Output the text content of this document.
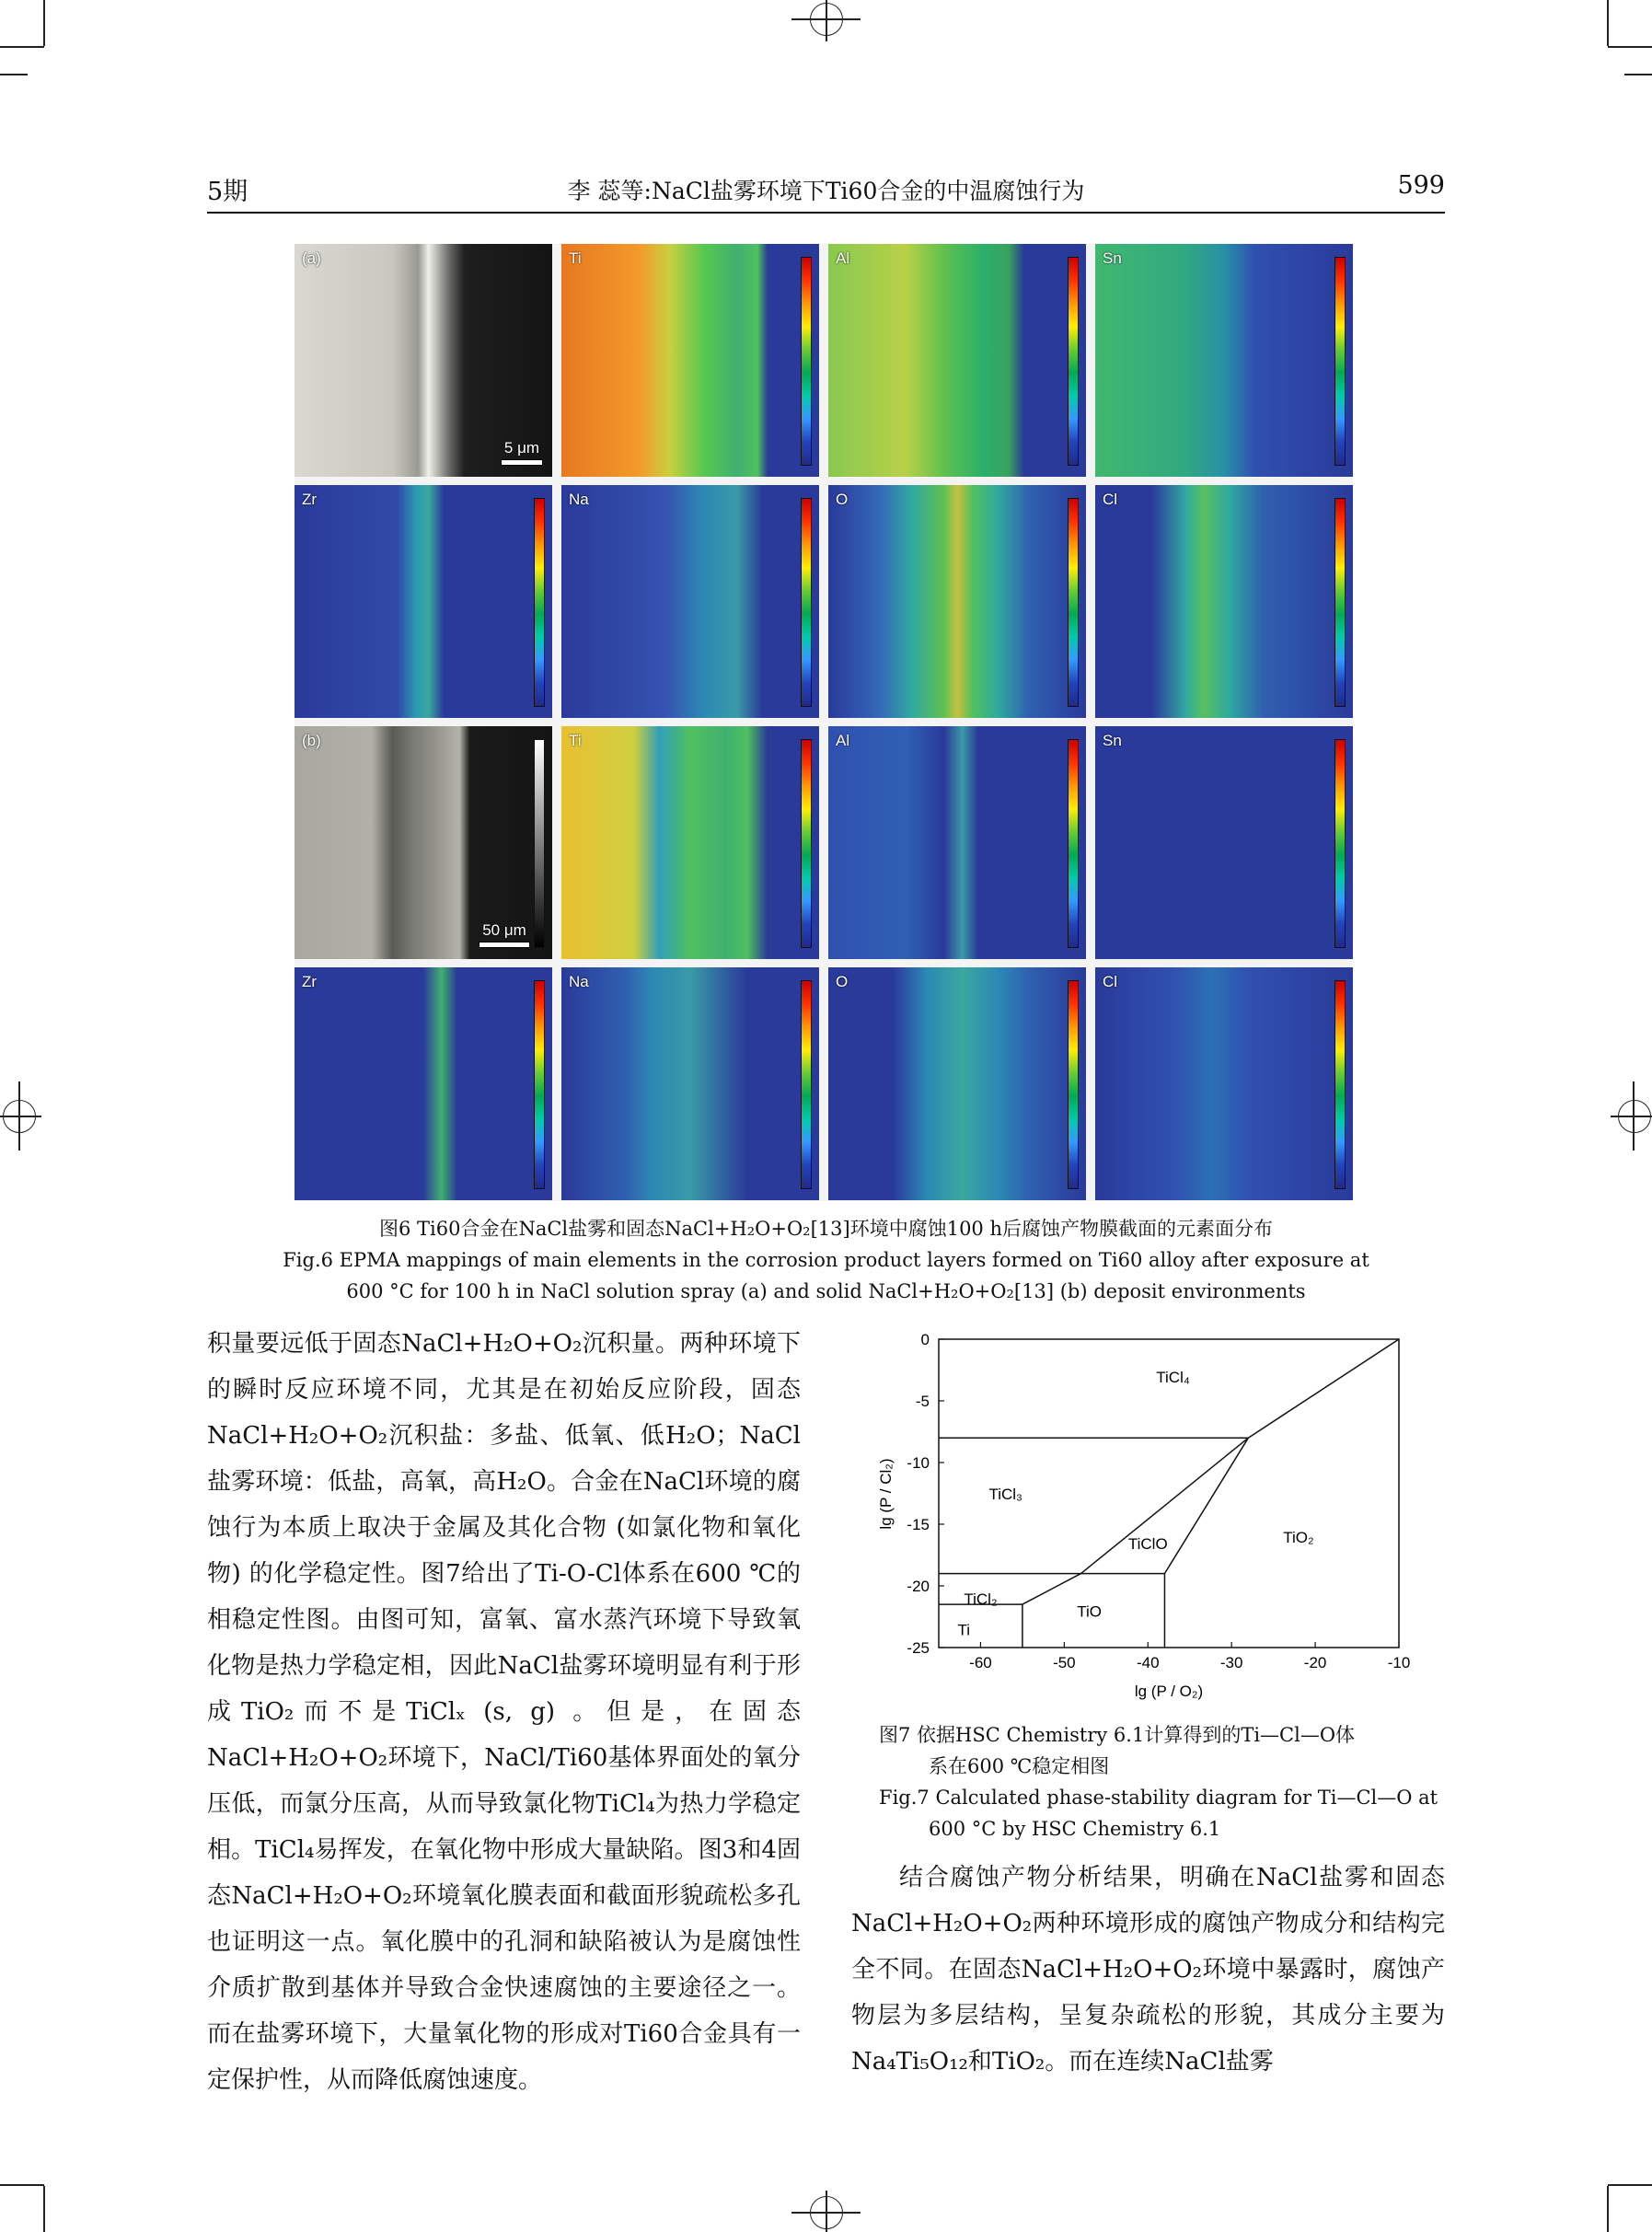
5期	李 蕊等:NaCl盐雾环境下Ti60合金的中温腐蚀行为	599
(a)
5 μm
Ti	Al	Sn
Zr	Na	O	Cl
(b)
50 μm
Ti	Al	Sn
Zr	Na	O	Cl
图6 Ti60合金在NaCl盐雾和固态NaCl+H₂O+O₂[13]环境中腐蚀100 h后腐蚀产物膜截面的元素面分布
Fig.6 EPMA mappings of main elements in the corrosion product layers formed on Ti60 alloy after exposure at
600 °C for 100 h in NaCl solution spray (a) and solid NaCl+H₂O+O₂[13] (b) deposit environments

积量要远低于固态NaCl+H₂O+O₂沉积量。两种环境下的瞬时反应环境不同，尤其是在初始反应阶段，固态NaCl+H₂O+O₂沉积盐：多盐、低氧、低H₂O；NaCl盐雾环境：低盐，高氧，高H₂O。合金在NaCl环境的腐蚀行为本质上取决于金属及其化合物 (如氯化物和氧化物) 的化学稳定性。图7给出了Ti-O-Cl体系在600 ℃的相稳定性图。由图可知，富氧、富水蒸汽环境下导致氧化物是热力学稳定相，因此NaCl盐雾环境明显有利于形成TiO₂而不是TiClₓ (s, g) 。但是，在固态NaCl+H₂O+O₂环境下，NaCl/Ti60基体界面处的氧分压低，而氯分压高，从而导致氯化物TiCl₄为热力学稳定相。TiCl₄易挥发，在氧化物中形成大量缺陷。图3和4固态NaCl+H₂O+O₂环境氧化膜表面和截面形貌疏松多孔也证明这一点。氧化膜中的孔洞和缺陷被认为是腐蚀性介质扩散到基体并导致合金快速腐蚀的主要途径之一。而在盐雾环境下，大量氧化物的形成对Ti60合金具有一定保护性，从而降低腐蚀速度。

-60	-50	-40	-30	-20	-10
0
-5
-10
-15
-20
-25
TiCl₄
TiCl₃
TiClO	TiO₂
TiCl₂
TiO
Ti
lg (P / O₂)
lg (P / Cl₂)
图7 依据HSC Chemistry 6.1计算得到的Ti—Cl—O体
系在600 ℃稳定相图
Fig.7 Calculated phase-stability diagram for Ti—Cl—O at
600 °C by HSC Chemistry 6.1

结合腐蚀产物分析结果，明确在NaCl盐雾和固态NaCl+H₂O+O₂两种环境形成的腐蚀产物成分和结构完全不同。在固态NaCl+H₂O+O₂环境中暴露时，腐蚀产物层为多层结构，呈复杂疏松的形貌，其成分主要为Na₄Ti₅O₁₂和TiO₂。而在连续NaCl盐雾
